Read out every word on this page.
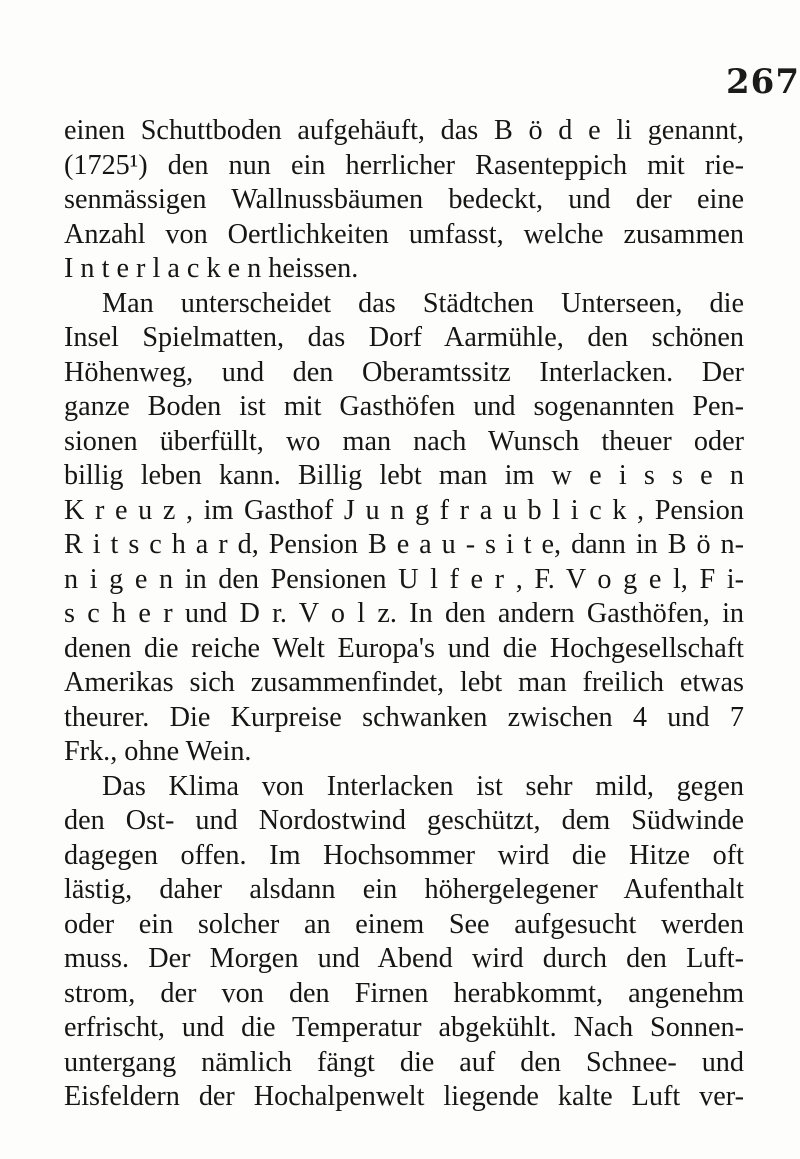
267
einen Schuttboden aufgehäuft, das B ö d e li genannt,
(1725¹) den nun ein herrlicher Rasenteppich mit rie-
senmässigen Wallnussbäumen bedeckt, und der eine
Anzahl von Oertlichkeiten umfasst, welche zusammen
I n t e r l a c k e n heissen.
Man unterscheidet das Städtchen Unterseen, die
Insel Spielmatten, das Dorf Aarmühle, den schönen
Höhenweg, und den Oberamtssitz Interlacken. Der
ganze Boden ist mit Gasthöfen und sogenannten Pen-
sionen überfüllt, wo man nach Wunsch theuer oder
billig leben kann. Billig lebt man im w e i s s e n
K r e u z , im Gasthof J u n g f r a u b l i c k , Pension
R i t s c h a r d, Pension B e a u - s i t e, dann in B ö n-
n i g e n in den Pensionen U l f e r , F. V o g e l, F i-
s c h e r und D r. V o l z. In den andern Gasthöfen, in
denen die reiche Welt Europa's und die Hochgesellschaft
Amerikas sich zusammenfindet, lebt man freilich etwas
theurer. Die Kurpreise schwanken zwischen 4 und 7
Frk., ohne Wein.
Das Klima von Interlacken ist sehr mild, gegen
den Ost- und Nordostwind geschützt, dem Südwinde
dagegen offen. Im Hochsommer wird die Hitze oft
lästig, daher alsdann ein höhergelegener Aufenthalt
oder ein solcher an einem See aufgesucht werden
muss. Der Morgen und Abend wird durch den Luft-
strom, der von den Firnen herabkommt, angenehm
erfrischt, und die Temperatur abgekühlt. Nach Sonnen-
untergang nämlich fängt die auf den Schnee- und
Eisfeldern der Hochalpenwelt liegende kalte Luft ver-
